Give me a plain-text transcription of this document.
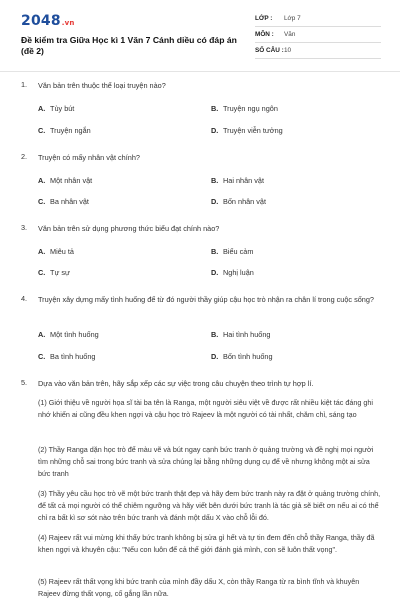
2048.vn
Đề kiểm tra Giữa Học kì 1 Văn 7 Cánh diều có đáp án (đề 2)
LỚP :	Lớp 7
MÔN :	Văn
SỐ CÂU : 10
1. Văn bản trên thuộc thể loại truyện nào?
A. Tùy bút	B. Truyện ngụ ngôn
C. Truyện ngắn	D. Truyện viễn tưởng
2. Truyện có mấy nhân vật chính?
A. Một nhân vật	B. Hai nhân vật
C. Ba nhân vật	D. Bốn nhân vật
3. Văn bản trên sử dụng phương thức biểu đạt chính nào?
A. Miêu tả	B. Biểu cảm
C. Tự sự	D. Nghị luận
4. Truyện xây dựng mấy tình huống để từ đó người thầy giúp cậu học trò nhận ra chân lí trong cuộc sống?
A. Một tình huống	B. Hai tình huống
C. Ba tình huống	D. Bốn tình huống
5. Dựa vào văn bản trên, hãy sắp xếp các sự việc trong câu chuyện theo trình tự hợp lí.
(1) Giới thiệu về người họa sĩ tài ba tên là Ranga, một người siêu việt về được rất nhiều kiệt tác đáng ghi nhớ khiến ai cũng đều khen ngợi và cậu học trò Rajeev là một người có tài nhất, chăm chỉ, sáng tạo
(2) Thầy Ranga dặn học trò để màu vẽ và bút ngay cạnh bức tranh ở quảng trường và đề nghị mọi người tìm những chỗ sai trong bức tranh và sửa chúng lại bằng những dụng cụ để về nhưng không một ai sửa bức tranh
(3) Thầy yêu cầu học trò vẽ một bức tranh thật đẹp và hãy đem bức tranh này ra đặt ở quảng trường chính, để tất cả mọi người có thể chiêm ngưỡng và hãy viết bên dưới bức tranh là tác giả sẽ biết ơn nếu ai có thể chỉ ra bất kì sơ sót nào trên bức tranh và đánh một dấu X vào chỗ lỗi đó.
(4) Rajeev rất vui mừng khi thấy bức tranh không bị sửa gì hết và tự tin đem đến chỗ thầy Ranga, thầy đã khen ngợi và khuyên cậu: "Nếu con luôn để cả thế giới đánh giá mình, con sẽ luôn thất vọng".
(5) Rajeev rất thất vọng khi bức tranh của mình đầy dấu X, còn thầy Ranga từ ra bình tĩnh và khuyên Rajeev đừng thất vọng, cố gắng lần nữa.
